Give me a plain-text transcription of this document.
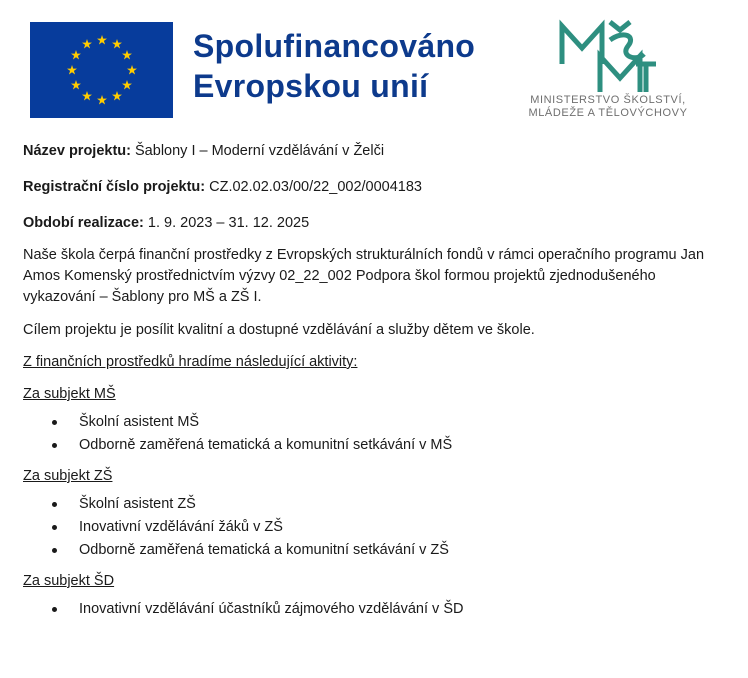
Spolufinancováno
Evropskou unií	MINISTERSTVO ŠKOLSTVÍ,
MLÁDEŽE A TĚLOVÝCHOVY

Název projektu: Šablony I – Moderní vzdělávání v Želči

Registrační číslo projektu: CZ.02.02.03/00/22_002/0004183

Období realizace: 1. 9. 2023 – 31. 12. 2025

Naše škola čerpá finanční prostředky z Evropských strukturálních fondů v rámci operačního programu Jan Amos Komenský prostřednictvím výzvy 02_22_002 Podpora škol formou projektů zjednodušeného vykazování – Šablony pro MŠ a ZŠ I.

Cílem projektu je posílit kvalitní a dostupné vzdělávání a služby dětem ve škole.

Z finančních prostředků hradíme následující aktivity:

Za subjekt MŠ

Školní asistent MŠ
Odborně zaměřená tematická a komunitní setkávání v MŠ

Za subjekt ZŠ

Školní asistent ZŠ
Inovativní vzdělávání žáků v ZŠ
Odborně zaměřená tematická a komunitní setkávání v ZŠ

Za subjekt ŠD

Inovativní vzdělávání účastníků zájmového vzdělávání v ŠD
